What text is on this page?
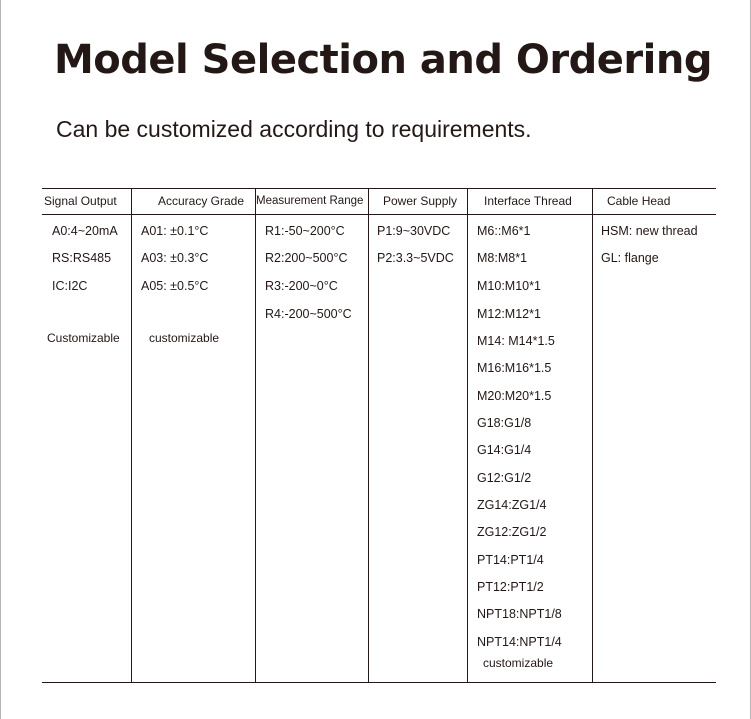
Model Selection and Ordering

Can be customized according to requirements.

Signal Output	Accuracy Grade Measurement Range Power Supply Interface Thread	Cable Head
A0:4~20mA
RS:RS485
IC:I2C
Customizable
A01: ±0.1°C
A03: ±0.3°C
A05: ±0.5°C
customizable
R1:-50~200°C
R2:200~500°C
R3:-200~0°C
R4:-200~500°C
P1:9~30VDC
P2:3.3~5VDC
M6::M6*1
M8:M8*1
M10:M10*1
M12:M12*1
M14: M14*1.5
M16:M16*1.5
M20:M20*1.5
G18:G1/8
G14:G1/4
G12:G1/2
ZG14:ZG1/4
ZG12:ZG1/2
PT14:PT1/4
PT12:PT1/2
NPT18:NPT1/8
NPT14:NPT1/4
customizable
HSM: new thread
GL: flange
